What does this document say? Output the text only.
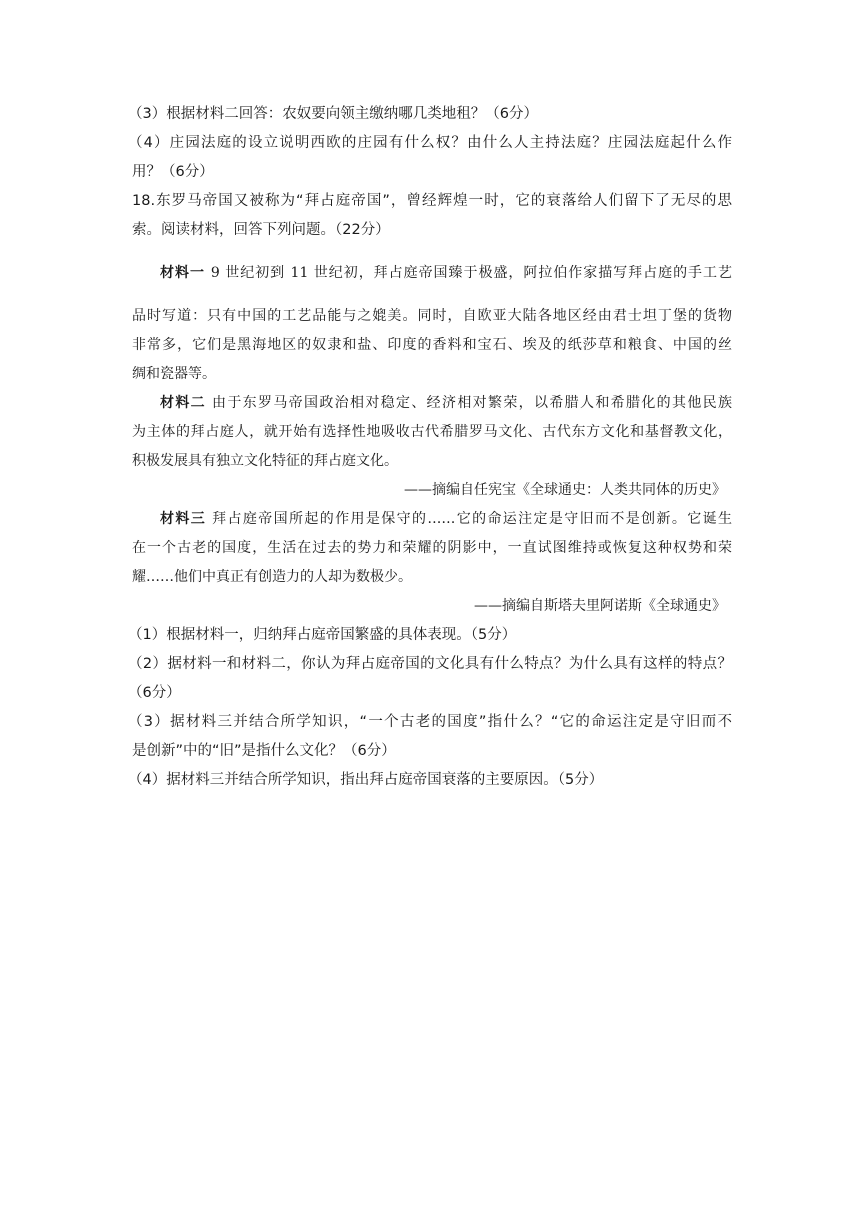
（3）根据材料二回答：农奴要向领主缴纳哪几类地租？（6分）

（4）庄园法庭的设立说明西欧的庄园有什么权？由什么人主持法庭？庄园法庭起什么作

用？（6分）

18.东罗马帝国又被称为“拜占庭帝国”，曾经辉煌一时，它的衰落给人们留下了无尽的思

索。阅读材料，回答下列问题。（22分）

材料一 9 世纪初到 11 世纪初，拜占庭帝国臻于极盛，阿拉伯作家描写拜占庭的手工艺

品时写道：只有中国的工艺品能与之媲美。同时，自欧亚大陆各地区经由君士坦丁堡的货物

非常多，它们是黑海地区的奴隶和盐、印度的香料和宝石、埃及的纸莎草和粮食、中国的丝

绸和瓷器等。

材料二 由于东罗马帝国政治相对稳定、经济相对繁荣，以希腊人和希腊化的其他民族

为主体的拜占庭人，就开始有选择性地吸收古代希腊罗马文化、古代东方文化和基督教文化，

积极发展具有独立文化特征的拜占庭文化。

——摘编自任宪宝《全球通史：人类共同体的历史》

材料三 拜占庭帝国所起的作用是保守的……它的命运注定是守旧而不是创新。它诞生

在一个古老的国度，生活在过去的势力和荣耀的阴影中，一直试图维持或恢复这种权势和荣

耀……他们中真正有创造力的人却为数极少。

——摘编自斯塔夫里阿诺斯《全球通史》

（1）根据材料一，归纳拜占庭帝国繁盛的具体表现。（5分）

（2）据材料一和材料二，你认为拜占庭帝国的文化具有什么特点？为什么具有这样的特点？

（6分）

（3）据材料三并结合所学知识，“一个古老的国度”指什么？“它的命运注定是守旧而不

是创新”中的“旧”是指什么文化？（6分）

（4）据材料三并结合所学知识，指出拜占庭帝国衰落的主要原因。（5分）
